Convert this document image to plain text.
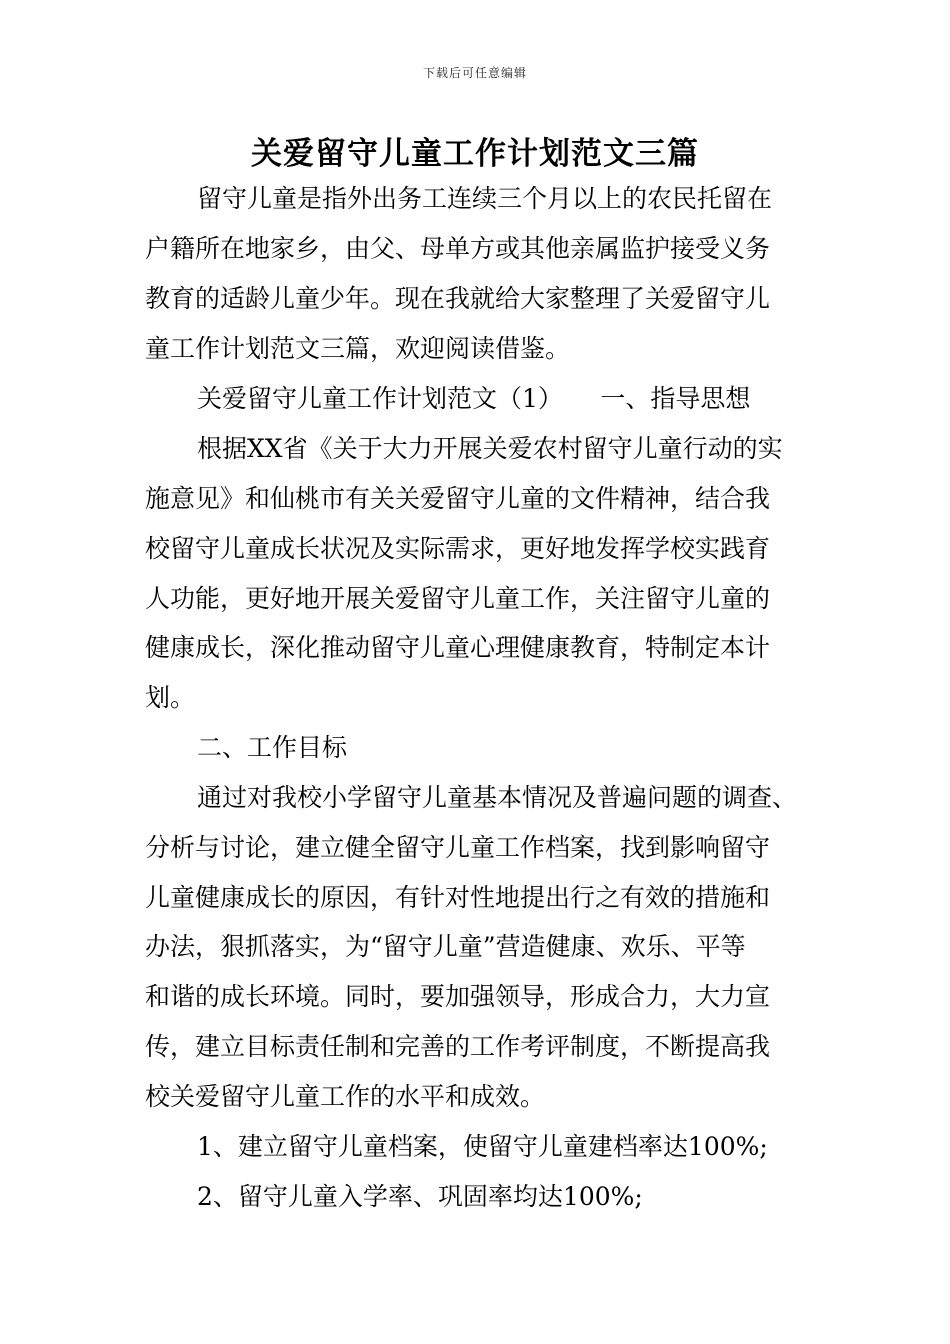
下载后可任意编辑
关爱留守儿童工作计划范文三篇
留守儿童是指外出务工连续三个月以上的农民托留在
户籍所在地家乡，由父、母单方或其他亲属监护接受义务
教育的适龄儿童少年。现在我就给大家整理了关爱留守儿
童工作计划范文三篇，欢迎阅读借鉴。
关爱留守儿童工作计划范文（1）　　一、指导思想
根据XX省《关于大力开展关爱农村留守儿童行动的实
施意见》和仙桃市有关关爱留守儿童的文件精神，结合我
校留守儿童成长状况及实际需求，更好地发挥学校实践育
人功能，更好地开展关爱留守儿童工作，关注留守儿童的
健康成长，深化推动留守儿童心理健康教育，特制定本计
划。
二、工作目标
通过对我校小学留守儿童基本情况及普遍问题的调查、
分析与讨论，建立健全留守儿童工作档案，找到影响留守
儿童健康成长的原因，有针对性地提出行之有效的措施和
办法，狠抓落实，为“留守儿童”营造健康、欢乐、平等
和谐的成长环境。同时，要加强领导，形成合力，大力宣
传，建立目标责任制和完善的工作考评制度，不断提高我
校关爱留守儿童工作的水平和成效。
1、建立留守儿童档案，使留守儿童建档率达100%;
2、留守儿童入学率、巩固率均达100%;
